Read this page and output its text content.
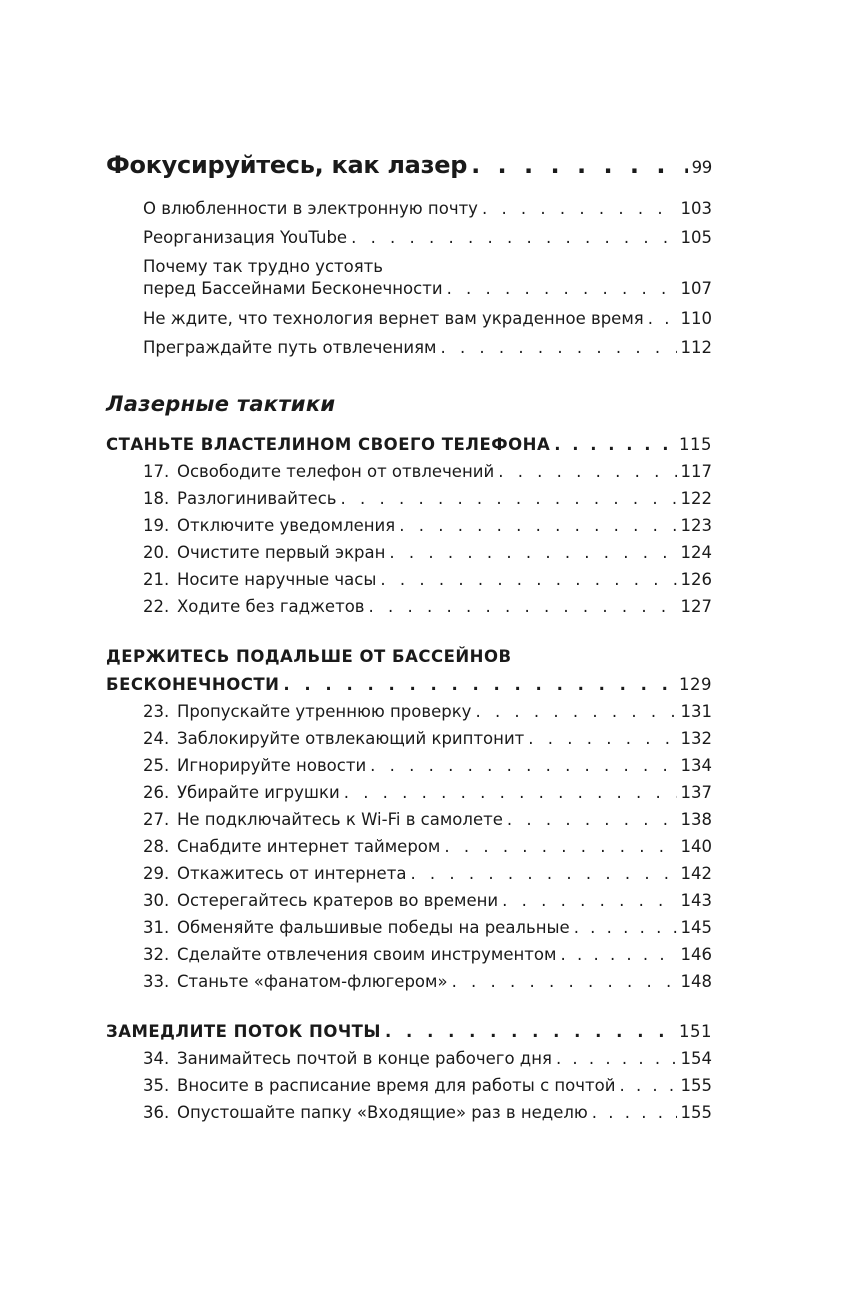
Фокусируйтесь, как лазер . . .	99
О влюбленности в электронную почту . . .	103
Реорганизация YouTube . . .	105
Почему так трудно устоять
перед Бассейнами Бесконечности . . .	107
Не ждите, что технология вернет вам украденное время . . . 110
Преграждайте путь отвлечениям . . .	112
Лазерные тактики
СТАНЬТЕ ВЛАСТЕЛИНОМ СВОЕГО ТЕЛЕФОНА . . .	115
17. Освободите телефон от отвлечений . . .	117
18. Разлогинивайтесь . . .	122
19. Отключите уведомления . . .	123
20. Очистите первый экран . . .	124
21. Носите наручные часы . . .	126
22. Ходите без гаджетов . . .	127
ДЕРЖИТЕСЬ ПОДАЛЬШЕ ОТ БАССЕЙНОВ
БЕСКОНЕЧНОСТИ . . .	129
23. Пропускайте утреннюю проверку . . .	131
24. Заблокируйте отвлекающий криптонит . . .	132
25. Игнорируйте новости . . .	134
26. Убирайте игрушки . . .	137
27. Не подключайтесь к Wi-Fi в самолете . . .	138
28. Снабдите интернет таймером . . .	140
29. Откажитесь от интернета . . .	142
30. Остерегайтесь кратеров во времени . . .	143
31. Обменяйте фальшивые победы на реальные . . .	145
32. Сделайте отвлечения своим инструментом . . .	146
33. Станьте «фанатом-флюгером» . . .	148
ЗАМЕДЛИТЕ ПОТОК ПОЧТЫ . . .	151
34. Занимайтесь почтой в конце рабочего дня . . .	154
35. Вносите в расписание время для работы с почтой . . .	155
36. Опустошайте папку «Входящие» раз в неделю . . .	155
